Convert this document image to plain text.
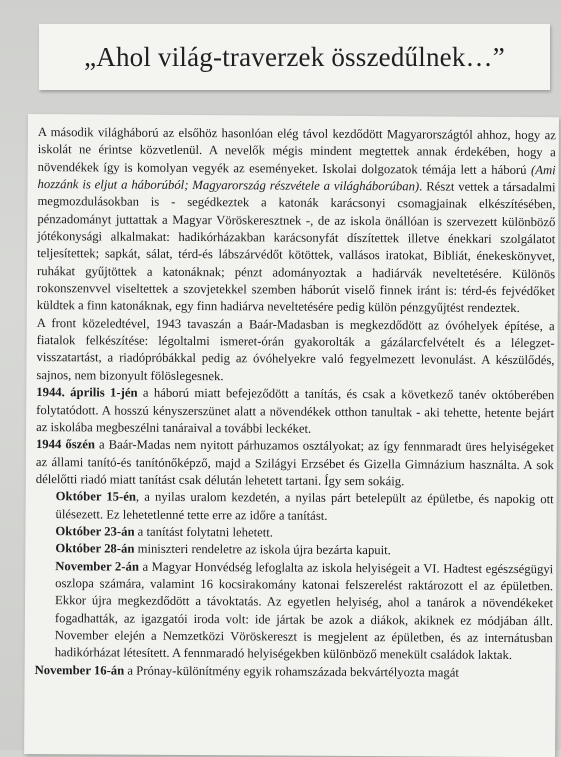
„Ahol világ-traverzek összedűlnek…”

A második világháború az elsőhöz hasonlóan elég távol kezdődött Magyarországtól ahhoz, hogy az iskolát ne érintse közvetlenül. A nevelők mégis mindent megtettek annak érdekében, hogy a növendékek így is komolyan vegyék az eseményeket. Iskolai dolgozatok témája lett a háború (Ami hozzánk is eljut a háborúból; Magyarország részvétele a világháborúban). Részt vettek a társadalmi megmozdulásokban is - segédkeztek a katonák karácsonyi csomagjainak elkészítésében, pénzadományt juttattak a Magyar Vöröskeresztnek -, de az iskola önállóan is szervezett különböző jótékonysági alkalmakat: hadikórházakban karácsonyfát díszítettek illetve énekkari szolgálatot teljesítettek; sapkát, sálat, térd-és lábszárvédőt kötöttek, vallásos iratokat, Bibliát, énekeskönyvet, ruhákat gyűjtöttek a katonáknak; pénzt adományoztak a hadiárvák neveltetésére. Különös rokonszenvvel viseltettek a szovjetekkel szemben háborút viselő finnek iránt is: térd-és fejvédőket küldtek a finn katonáknak, egy finn hadiárva neveltetésére pedig külön pénzgyűjtést rendeztek.

A front közeledtével, 1943 tavaszán a Baár-Madasban is megkezdődött az óvóhelyek építése, a fiatalok felkészítése: légoltalmi ismeret-órán gyakorolták a gázálarcfelvételt és a lélegzet-visszatartást, a riadópróbákkal pedig az óvóhelyekre való fegyelmezett levonulást. A készülődés, sajnos, nem bizonyult fölöslegesnek.

1944. április 1-jén a háború miatt befejeződött a tanítás, és csak a következő tanév októberében folytatódott. A hosszú kényszerszünet alatt a növendékek otthon tanultak - aki tehette, hetente bejárt az iskolába megbeszélni tanáraival a további leckéket.

1944 őszén a Baár-Madas nem nyitott párhuzamos osztályokat; az így fennmaradt üres helyiségeket az állami tanító-és tanítónőképző, majd a Szilágyi Erzsébet és Gizella Gimnázium használta. A sok délelőtti riadó miatt tanítást csak délután lehetett tartani. Így sem sokáig.

Október 15-én, a nyilas uralom kezdetén, a nyilas párt betelepült az épületbe, és napokig ott ülésezett. Ez lehetetlenné tette erre az időre a tanítást.

Október 23-án a tanítást folytatni lehetett.

Október 28-án miniszteri rendeletre az iskola újra bezárta kapuit.

November 2-án a Magyar Honvédség lefoglalta az iskola helyiségeit a VI. Hadtest egészségügyi oszlopa számára, valamint 16 kocsirakomány katonai felszerelést raktározott el az épületben. Ekkor újra megkezdődött a távoktatás. Az egyetlen helyiség, ahol a tanárok a növendékeket fogadhatták, az igazgatói iroda volt: ide jártak be azok a diákok, akiknek ez módjában állt. November elején a Nemzetközi Vöröskereszt is megjelent az épületben, és az internátusban hadikórházat létesített. A fennmaradó helyiségekben különböző menekült családok laktak.

November 16-án a Prónay-különítmény egyik rohamszázada bekvártélyozta magát
